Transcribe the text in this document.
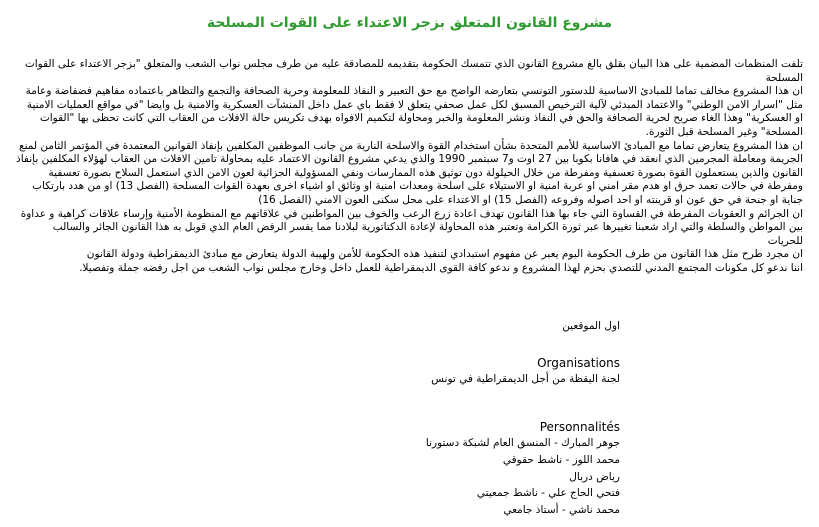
مشروع القانون المتعلق بزجر الاعتداء على القوات المسلحة

تلفت المنظمات المضمية على هذا البيان بقلق بالغ مشروع القانون الذي تتمسك الحكومة بتقديمه للمصادقة عليه من طرف مجلس نواب الشعب والمتعلق "بزجر الاعتداء على القوات المسلحة

ان هذا المشروع مخالف تماما للمبادئ الاساسية للدستور التونسي بتعارضه الواضح مع حق التعبير و النفاذ للمعلومة وحرية الصحافة والتجمع والتظاهر باعتماده مفاهيم فضفاضة وعامة مثل "اسرار الامن الوطني" والاعتماد المبدئي لآلية الترخيص المسبق لكل عمل صحفي يتعلق لا فقط باي عمل داخل المنشآت العسكرية والامنية بل وايضا "في مواقع العمليات الامنية او العسكرية" وهذا الغاء صريح لحرية الصحافة والحق في النفاذ ونشر المعلومة والخبر ومحاولة لتكميم الافواه بهدف تكريس حالة الافلات من العقاب التي كانت تحظى بها "القوات المسلحة" وغير المسلحة قبل الثورة.

ان هذا المشروع يتعارض تماما مع المبادئ الاساسية للأمم المتحدة بشأن استخدام القوة والاسلحة النارية من جانب الموظفين المكلفين بإنفاذ القوانين المعتمدة في المؤتمر الثامن لمنع الجريمة ومعاملة المجرمين الذي انعقد في هافانا بكوبا بين 27 اوت و7 سبتمبر 1990 والذي يدعي مشروع القانون الاعتماد عليه بمحاولة تامين الافلات من العقاب لهؤلاء المكلفين بإنفاذ القانون والذين يستعملون القوة بصورة تعسفية ومفرطة من خلال الحيلولة دون توثيق هذه الممارسات ونفي المسؤولية الجزائية لعون الامن الذي استعمل السلاح بصورة تعسفية ومفرطة في حالات تعمد حرق او هدم مقر امني او عربة امنية او الاستيلاء على اسلحة ومعدات امنية او وثائق او اشياء اخرى بعهدة القوات المسلحة (الفصل 13) او من هدد بارتكاب جناية او جنحة في حق عون او قرينته او احد اصوله وفروعه (الفصل 15) او الاعتداء على محل سكنى العون الامني (الفصل 16)

ان الجرائم و العقوبات المفرطة في القساوة التي جاء بها هذا القانون تهدف اعادة زرع الرعب والخوف بين المواطنين في علاقاتهم مع المنظومة الأمنية وإرساء علاقات كراهية و عداوة بين المواطن والسلطة والتي اراد شعبنا تغييرها عبر ثورة الكرامة وتعتبر هذه المحاولة لإعادة الدكتاتورية لبلادنا مما يفسر الرفض العام الذي قوبل به هذا القانون الجائر والسالب للحريات

ان مجرد طرح مثل هذا القانون من طرف الحكومة اليوم يعبر عن مفهوم استبدادي لتنفيذ هذه الحكومة للأمن ولهيبة الدولة يتعارض مع مبادئ الديمقراطية ودولة القانون

اننا ندعو كل مكونات المجتمع المدني للتصدي بحزم لهذا المشروع و ندعو كافة القوى الديمقراطية للعمل داخل وخارج مجلس نواب الشعب من اجل رفضه جملة وتفصيلا.

اول الموقعين
Organisations
لجنة اليقظة من أجل الديمقراطية في تونس
Personnalités
جوهر المبارك - المنسق العام لشبكة دستورنا
محمد اللوز - ناشط حقوقي
رياض دربال
فتحي الحاج علي - ناشط جمعيتي
محمد ناشي - أستاذ جامعي
